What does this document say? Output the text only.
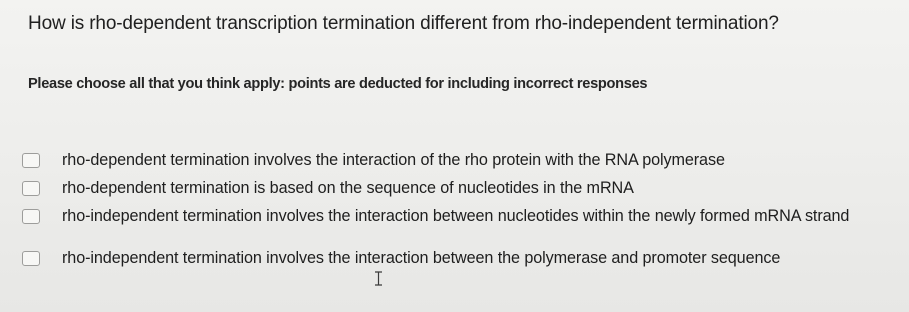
How is rho-dependent transcription termination different from rho-independent termination?
Please choose all that you think apply: points are deducted for including incorrect responses
rho-dependent termination involves the interaction of the rho protein with the RNA polymerase
rho-dependent termination is based on the sequence of nucleotides in the mRNA
rho-independent termination involves the interaction between nucleotides within the newly formed mRNA strand
rho-independent termination involves the interaction between the polymerase and promoter sequence
